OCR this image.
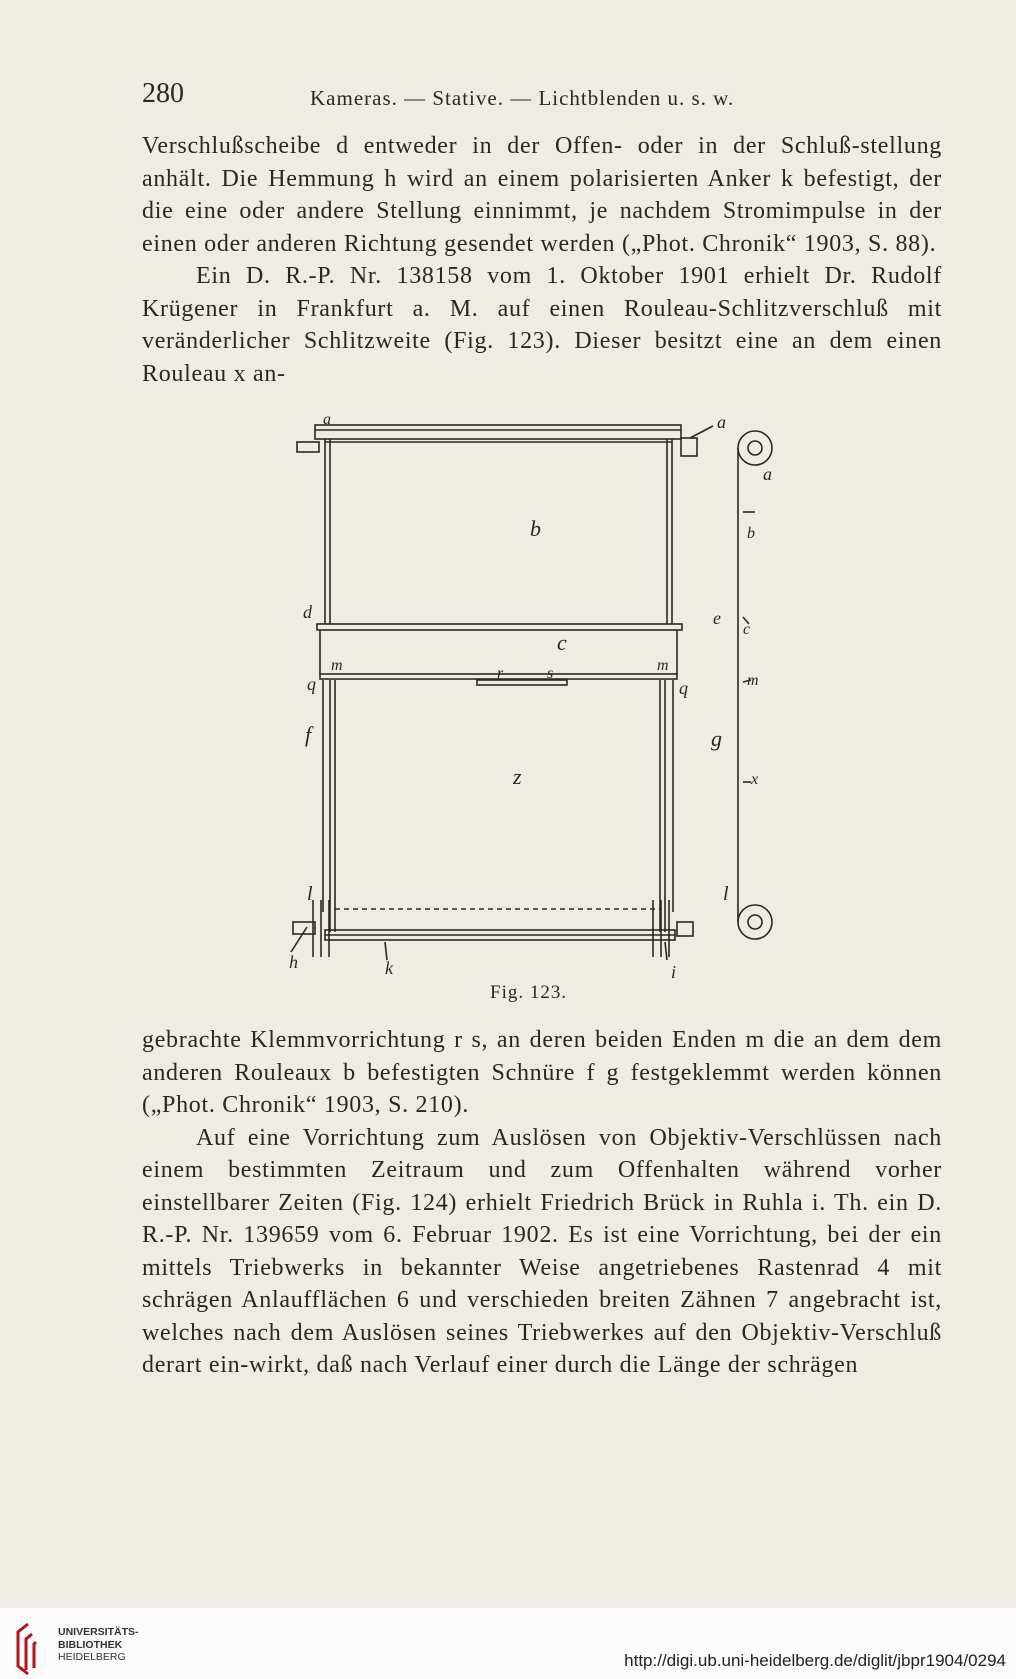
280	Kameras. — Stative. — Lichtblenden u. s. w.

Verschlußscheibe d entweder in der Offen- oder in der Schluß-stellung anhält. Die Hemmung h wird an einem polarisierten Anker k befestigt, der die eine oder andere Stellung einnimmt, je nachdem Stromimpulse in der einen oder anderen Richtung gesendet werden („Phot. Chronik“ 1903, S. 88).

Ein D. R.-P. Nr. 138158 vom 1. Oktober 1901 erhielt Dr. Rudolf Krügener in Frankfurt a. M. auf einen Rouleau-Schlitzverschluß mit veränderlicher Schlitzweite (Fig. 123). Dieser besitzt eine an dem einen Rouleau x an-

a	a
a
b	b
d	e
c
c
m	m
m
q	q
r	s
f	g
z	x
l	l
h	k	i
Fig. 123.

gebrachte Klemmvorrichtung r s, an deren beiden Enden m die an dem dem anderen Rouleaux b befestigten Schnüre f g festgeklemmt werden können („Phot. Chronik“ 1903, S. 210).

Auf eine Vorrichtung zum Auslösen von Objektiv-Verschlüssen nach einem bestimmten Zeitraum und zum Offenhalten während vorher einstellbarer Zeiten (Fig. 124) erhielt Friedrich Brück in Ruhla i. Th. ein D. R.-P. Nr. 139659 vom 6. Februar 1902. Es ist eine Vorrichtung, bei der ein mittels Triebwerks in bekannter Weise angetriebenes Rastenrad 4 mit schrägen Anlaufflächen 6 und verschieden breiten Zähnen 7 angebracht ist, welches nach dem Auslösen seines Triebwerkes auf den Objektiv-Verschluß derart ein-wirkt, daß nach Verlauf einer durch die Länge der schrägen

UNIVERSITÄTS-
BIBLIOTHEK
HEIDELBERG	http://digi.ub.uni-heidelberg.de/diglit/jbpr1904/0294
